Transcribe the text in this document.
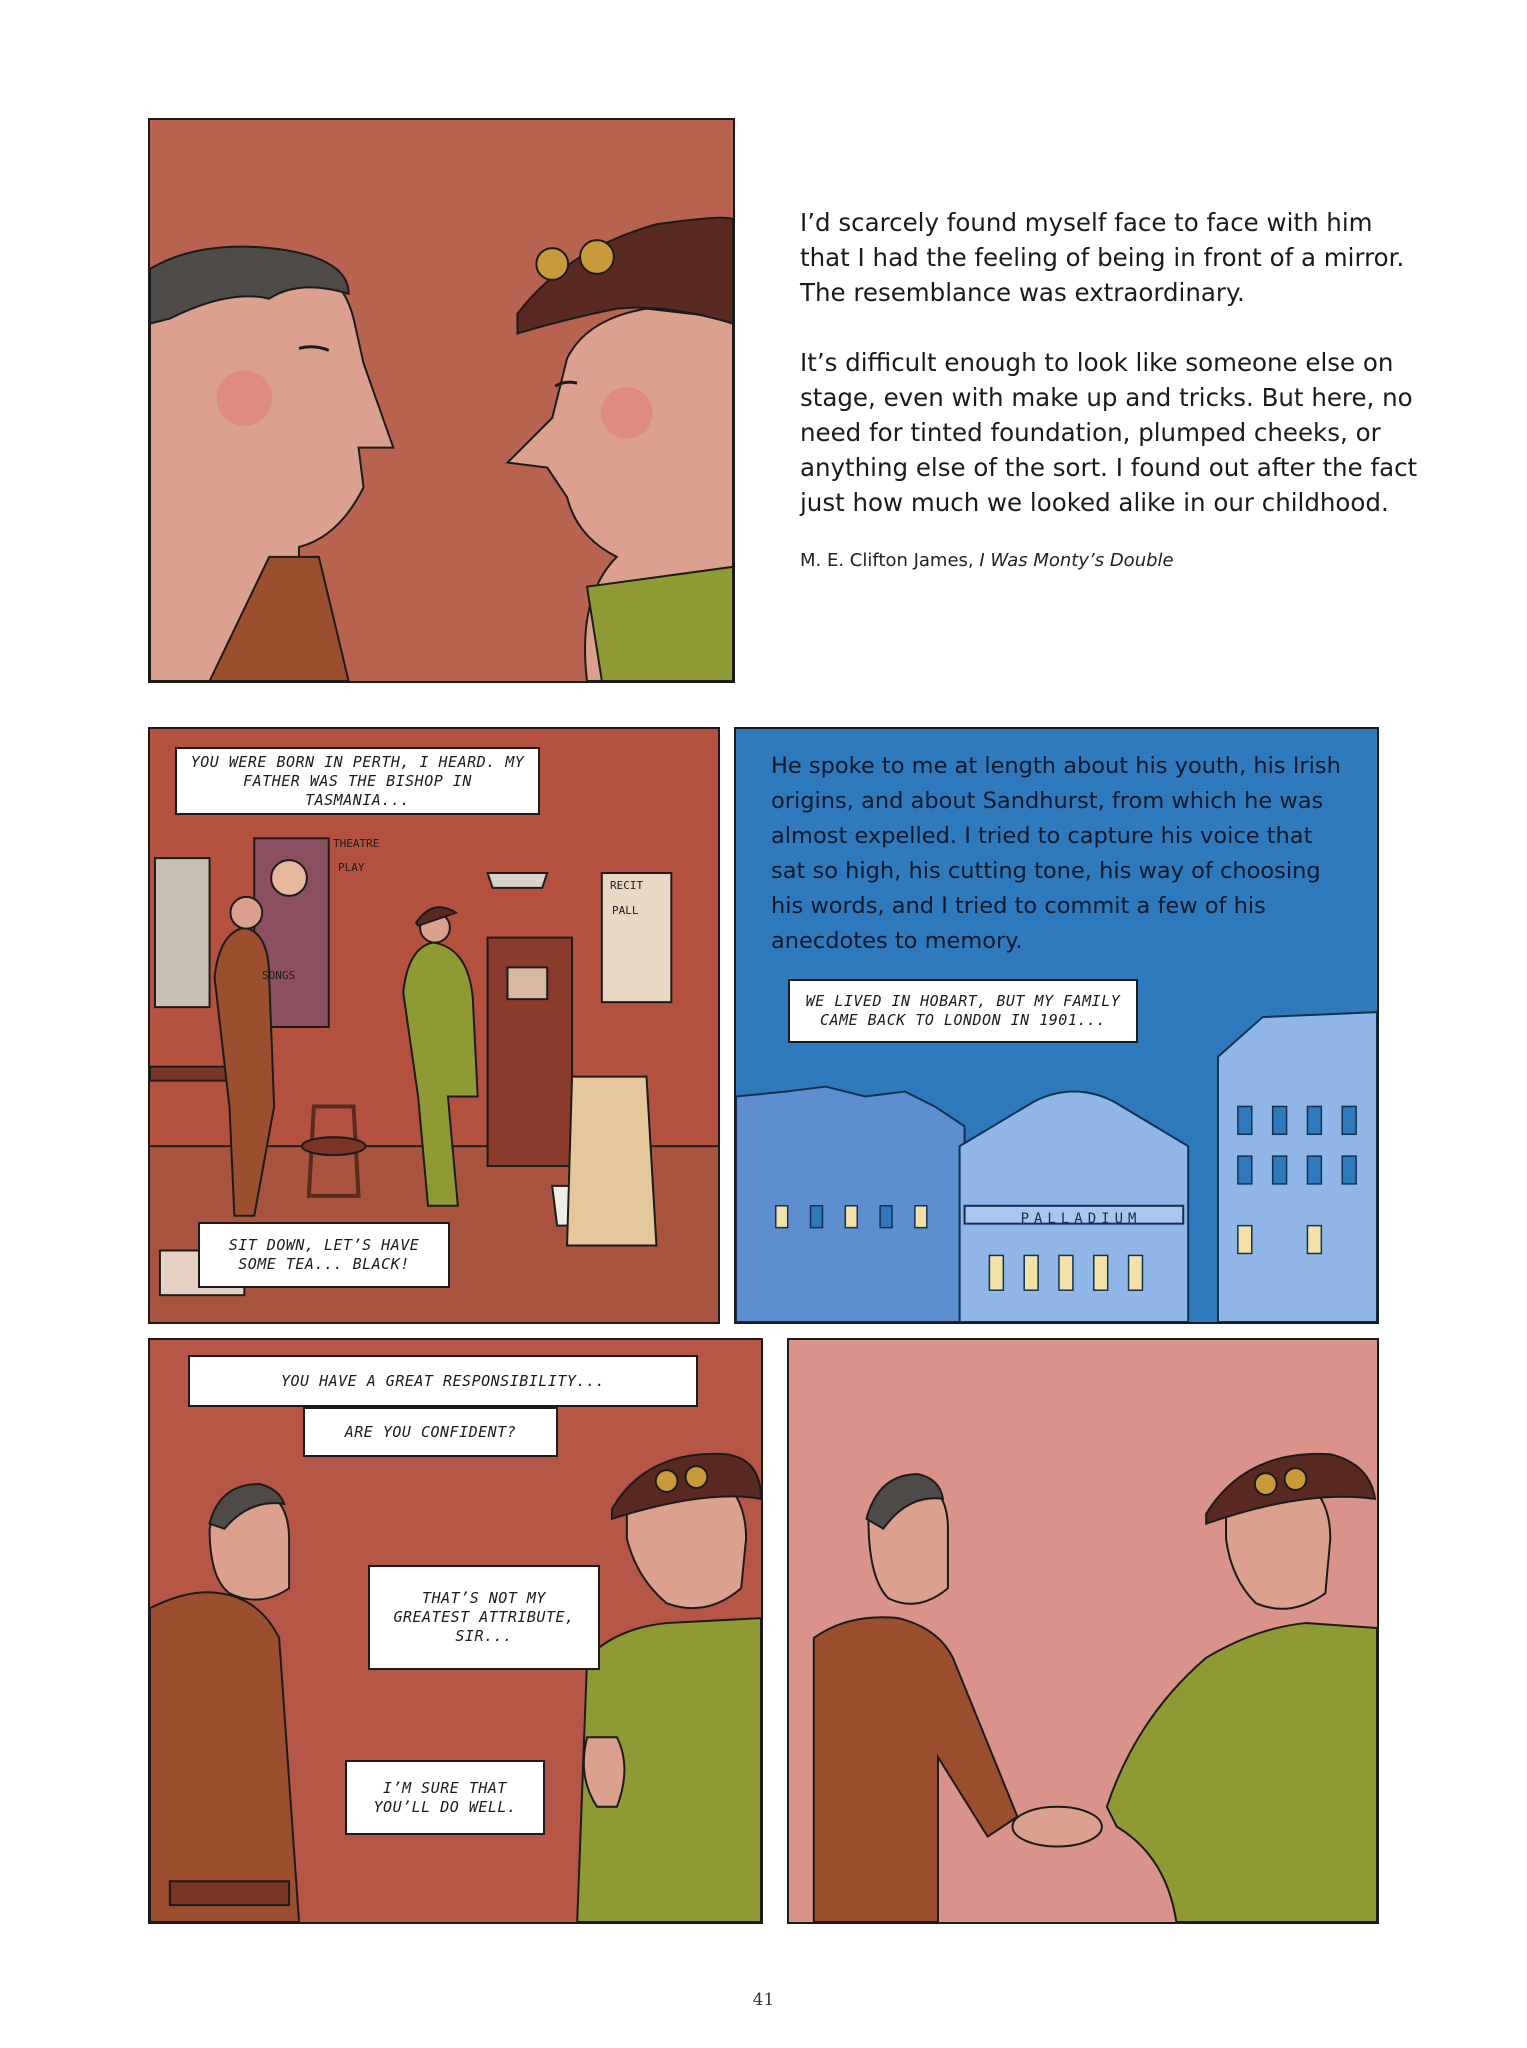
I’d scarcely found myself face to face with him that I had the feeling of being in front of a mirror. The resemblance was extraordinary.

It’s difficult enough to look like someone else on stage, even with make up and tricks. But here, no need for tinted foundation, plumped cheeks, or anything else of the sort. I found out after the fact just how much we looked alike in our childhood.

M. E. Clifton James, I Was Monty’s Double
YOU WERE BORN IN PERTH, I HEARD. MY FATHER WAS THE BISHOP IN TASMANIA...
SIT DOWN, LET’S HAVE SOME TEA... BLACK!
THEATRE
PLAY
SONGS
RECIT
PALL
He spoke to me at length about his youth, his Irish origins, and about Sandhurst, from which he was almost expelled. I tried to capture his voice that sat so high, his cutting tone, his way of choosing his words, and I tried to commit a few of his anecdotes to memory.
WE LIVED IN HOBART, BUT MY FAMILY CAME BACK TO LONDON IN 1901...
PALLADIUM
YOU HAVE A GREAT RESPONSIBILITY...
ARE YOU CONFIDENT?
THAT’S NOT MY GREATEST ATTRIBUTE, SIR...
I’M SURE THAT YOU’LL DO WELL.
41
